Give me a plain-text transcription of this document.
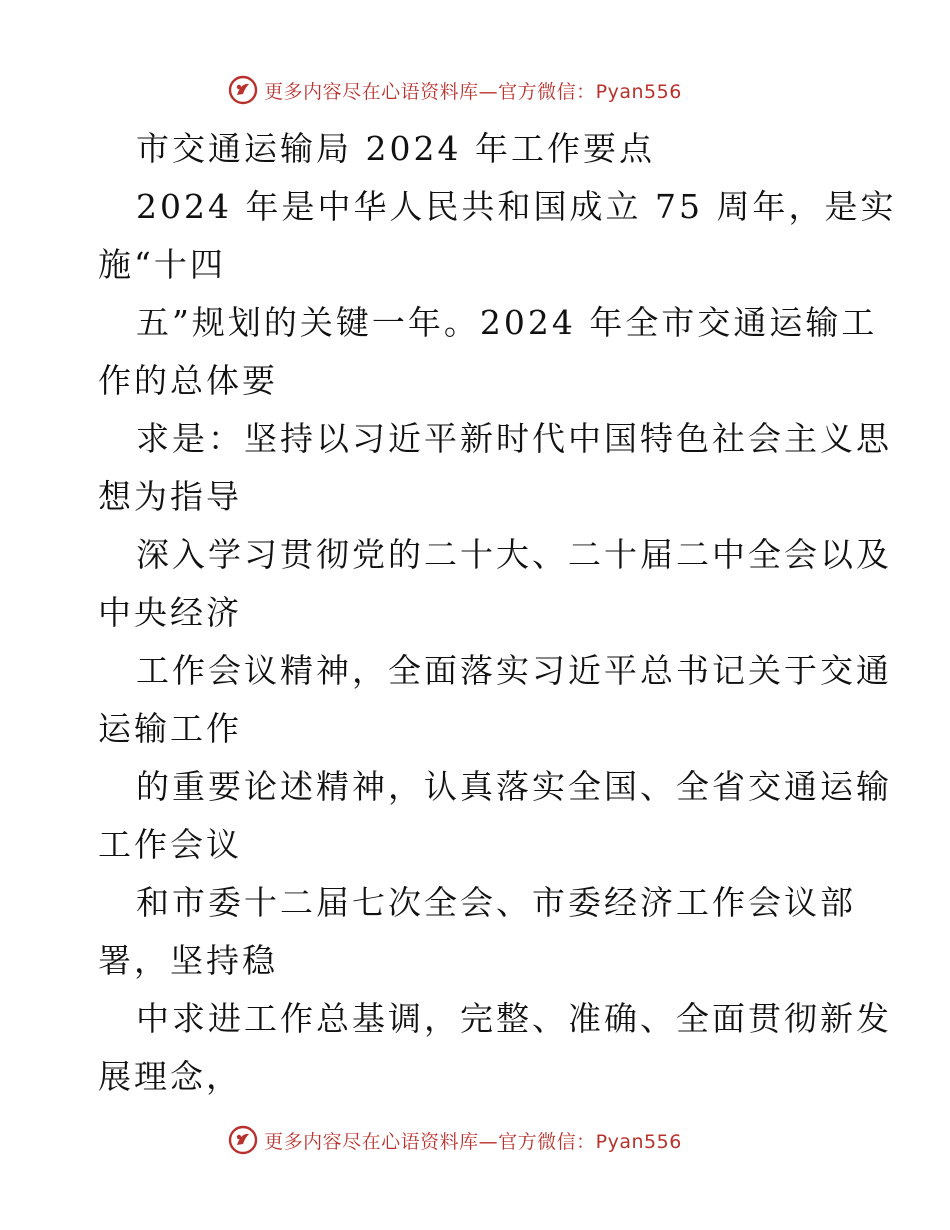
更多内容尽在心语资料库—官方微信：Pyan556
市交通运输局 2024 年工作要点
2024 年是中华人民共和国成立 75 周年，是实
施“十四
五”规划的关键一年。2024 年全市交通运输工
作的总体要
求是：坚持以习近平新时代中国特色社会主义思
想为指导
深入学习贯彻党的二十大、二十届二中全会以及
中央经济
工作会议精神，全面落实习近平总书记关于交通
运输工作
的重要论述精神，认真落实全国、全省交通运输
工作会议
和市委十二届七次全会、市委经济工作会议部
署，坚持稳
中求进工作总基调，完整、准确、全面贯彻新发
展理念，
更多内容尽在心语资料库—官方微信：Pyan556
